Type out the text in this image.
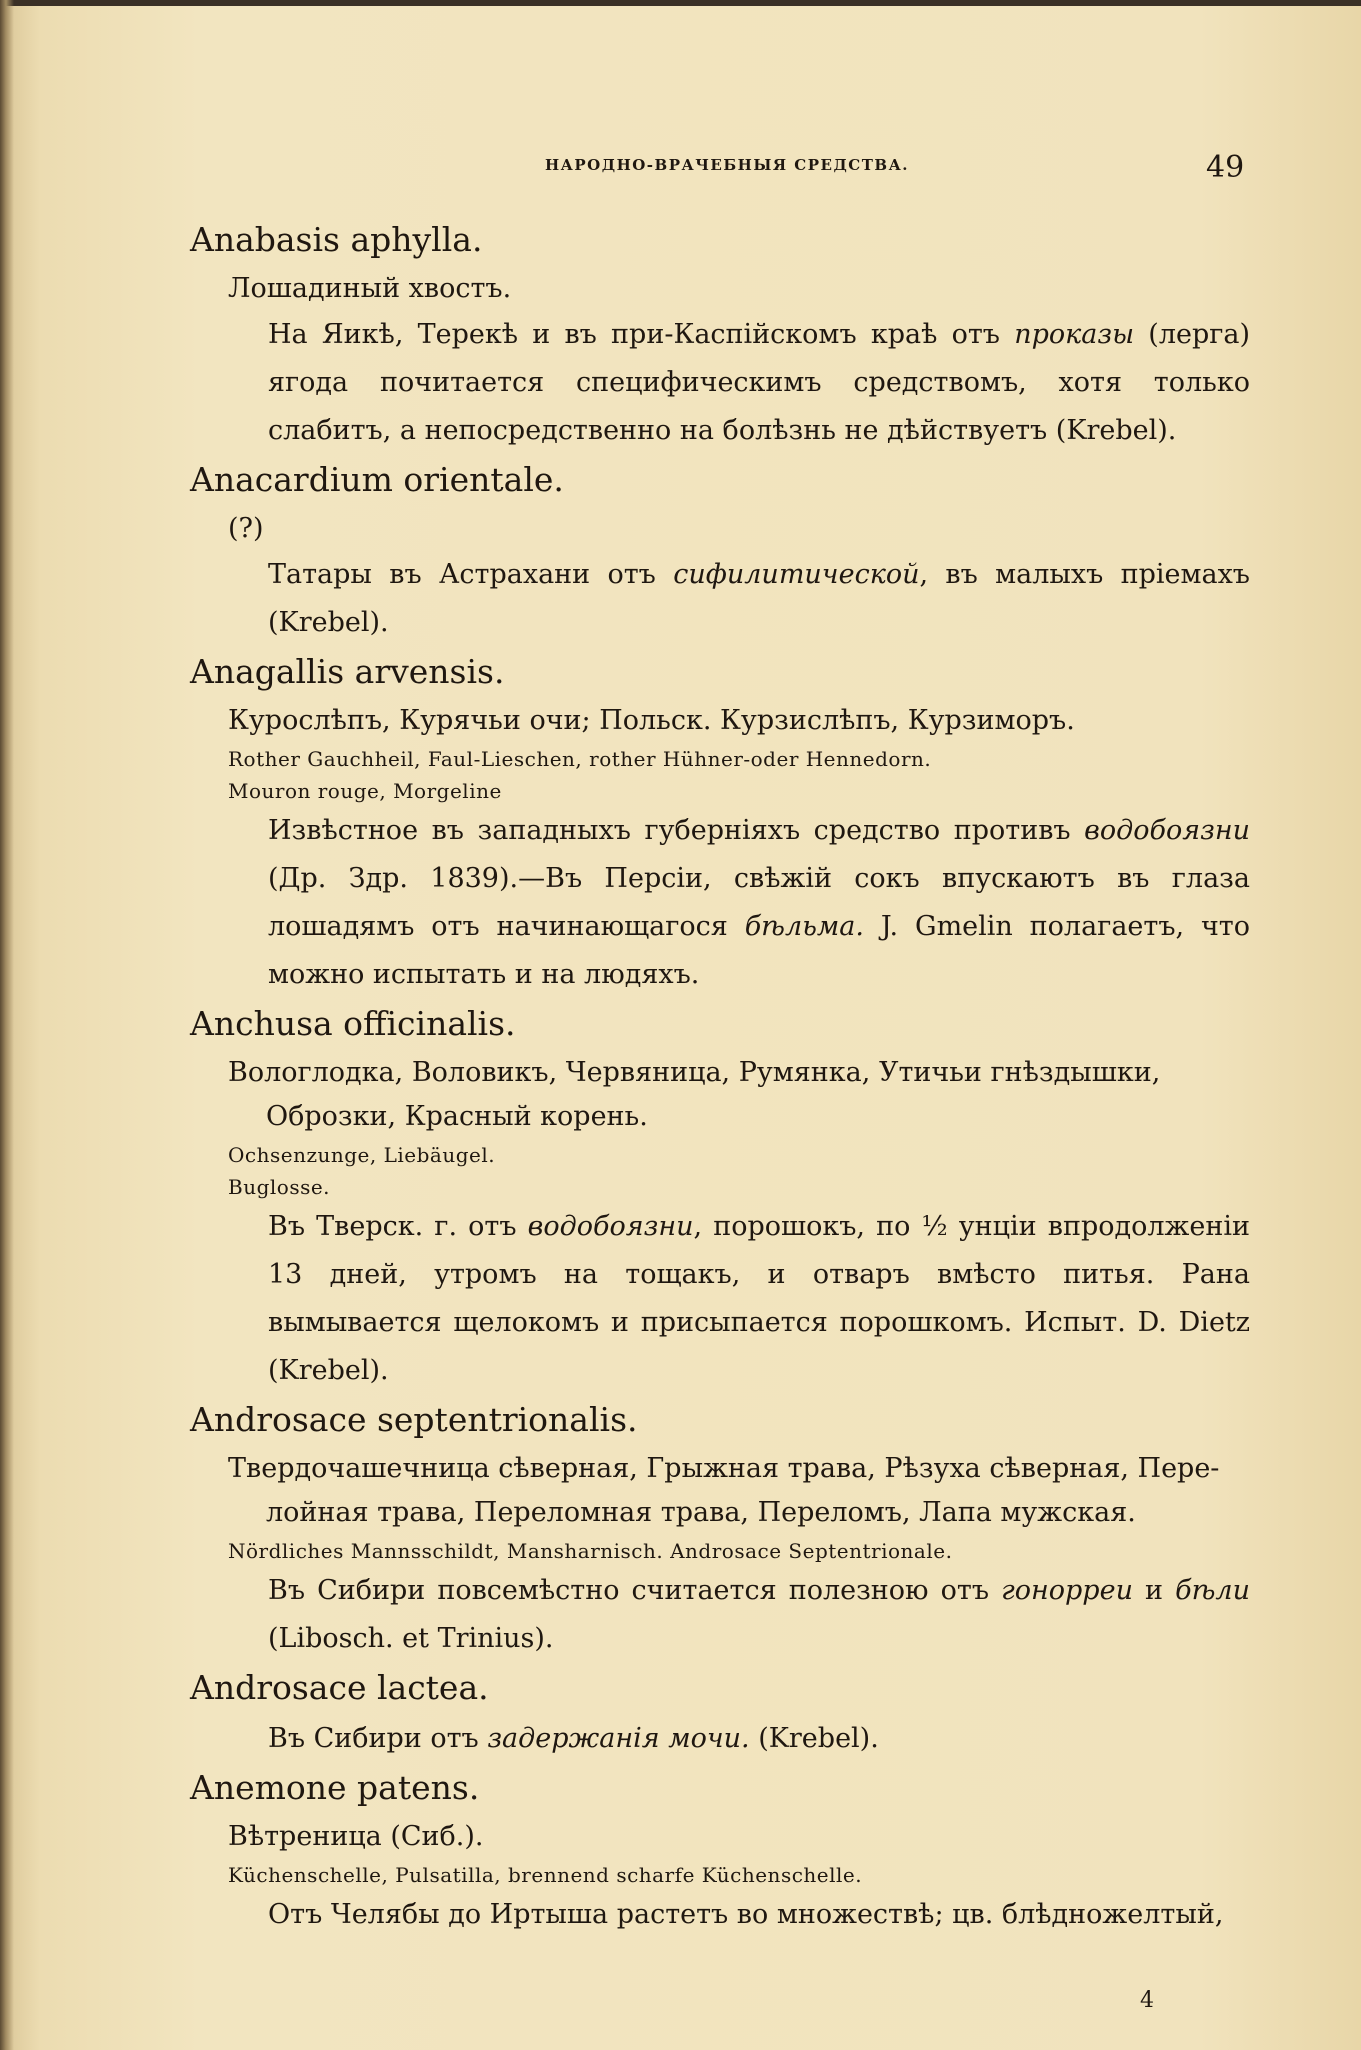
НАРОДНО-ВРАЧЕБНЫЯ СРЕДСТВА.	49
Anabasis aphylla.
Лошадиный хвостъ.
На Яикѣ, Терекѣ и въ при-Каспійскомъ краѣ отъ проказы (лерга) ягода почитается специфическимъ средствомъ, хотя только слабитъ, а непосредственно на болѣзнь не дѣйствуетъ (Krebel).
Anacardium orientale.
(?)
Татары въ Астрахани отъ сифилитической, въ малыхъ пріемахъ (Krebel).
Anagallis arvensis.
Курослѣпъ, Курячьи очи; Польск. Курзислѣпъ, Курзиморъ.
Rother Gauchheil, Faul-Lieschen, rother Hühner-oder Hennedorn.
Mouron rouge, Morgeline
Извѣстное въ западныхъ губерніяхъ средство противъ водобоязни (Др. Здр. 1839).—Въ Персіи, свѣжій сокъ впускаютъ въ глаза лошадямъ отъ начинающагося бѣльма. J. Gmelin полагаетъ, что можно испытать и на людяхъ.
Anchusa officinalis.
Вологлодка, Воловикъ, Червяница, Румянка, Утичьи гнѣздышки,
Оброзки, Красный корень.
Ochsenzunge, Liebäugel.
Buglosse.
Въ Тверск. г. отъ водобоязни, порошокъ, по ½ унціи впродолженіи 13 дней, утромъ на тощакъ, и отваръ вмѣсто питья. Рана вымывается щелокомъ и присыпается порошкомъ. Испыт. D. Dietz (Krebel).
Androsace septentrionalis.
Твердочашечница сѣверная, Грыжная трава, Рѣзуха сѣверная, Пере-
лойная трава, Переломная трава, Переломъ, Лапа мужская.
Nördliches Mannsschildt, Mansharnisch. Androsace Septentrionale.
Въ Сибири повсемѣстно считается полезною отъ гонорреи и бѣли (Libosch. et Trinius).
Androsace lactea.
Въ Сибири отъ задержанія мочи. (Krebel).
Anemone patens.
Вѣтреница (Сиб.).
Küchenschelle, Pulsatilla, brennend scharfe Küchenschelle.
Отъ Челябы до Иртыша растетъ во множествѣ; цв. блѣдножелтый,
4
